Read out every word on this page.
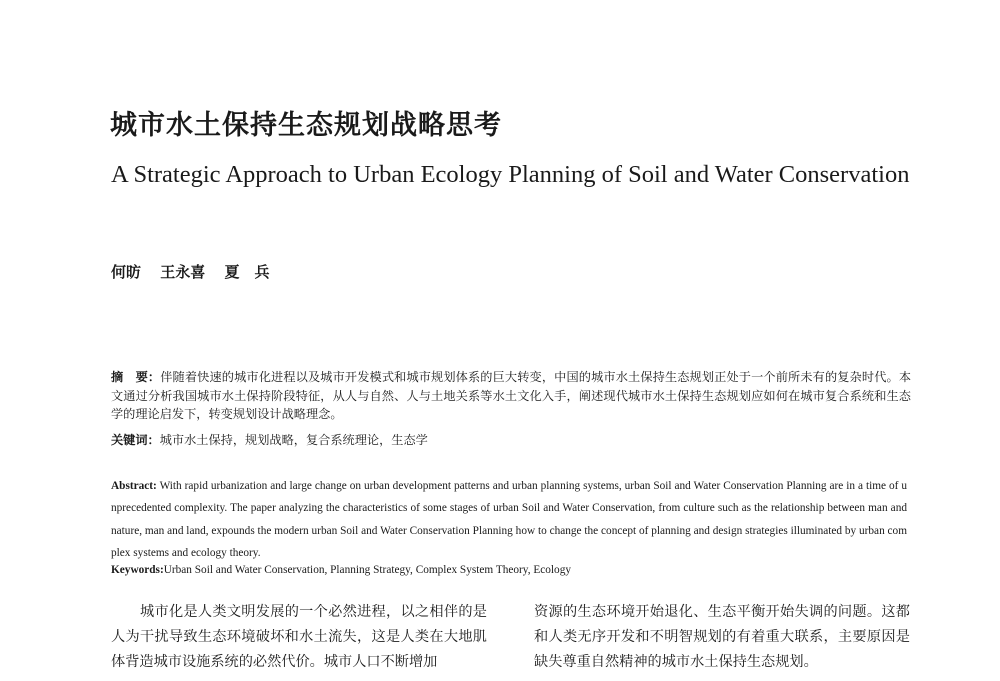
城市水土保持生态规划战略思考

A Strategic Approach to Urban Ecology Planning of Soil and Water Conservation

何昉 王永喜 夏　兵

摘　要：伴随着快速的城市化进程以及城市开发模式和城市规划体系的巨大转变，中国的城市水土保持生态规划正处于一个前所未有的复杂时代。本文通过分析我国城市水土保持阶段特征，从人与自然、人与土地关系等水土文化入手，阐述现代城市水土保持生态规划应如何在城市复合系统和生态学的理论启发下，转变规划设计战略理念。

关键词：城市水土保持，规划战略，复合系统理论，生态学

Abstract: With rapid urbanization and large change on urban development patterns and urban planning systems, urban Soil and Water Conservation Planning are in a time of unprecedented complexity. The paper analyzing the characteristics of some stages of urban Soil and Water Conservation, from culture such as the relationship between man and nature, man and land, expounds the modern urban Soil and Water Conservation Planning how to change the concept of planning and design strategies illuminated by urban complex systems and ecology theory.

Keywords:Urban Soil and Water Conservation, Planning Strategy, Complex System Theory, Ecology

城市化是人类文明发展的一个必然进程，以之相伴的是人为干扰导致生态环境破坏和水土流失，这是人类在大地肌体背造城市设施系统的必然代价。城市人口不断增加

资源的生态环境开始退化、生态平衡开始失调的问题。这都和人类无序开发和不明智规划的有着重大联系，主要原因是缺失尊重自然精神的城市水土保持生态规划。
